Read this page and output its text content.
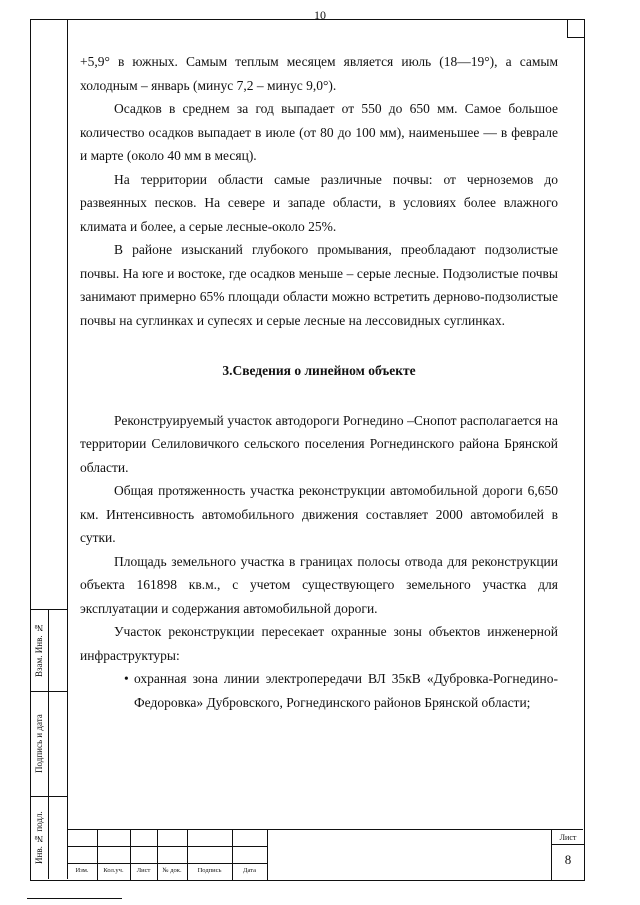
10
Взам. Инв. №
Подпись и дата
Инв. № подл.

+5,9° в южных. Самым теплым месяцем является июль (18—19°), а самым холодным – январь (минус 7,2 – минус 9,0°).

Осадков в среднем за год выпадает от 550 до 650 мм. Самое большое количество осадков выпадает в июле (от 80 до 100 мм), наименьшее — в феврале и марте (около 40 мм в месяц).

На территории области самые различные почвы: от черноземов до развеянных песков. На севере и западе области, в условиях более влажного климата и более, а серые лесные-около 25%.

В районе изысканий глубокого промывания, преобладают подзолистые почвы. На юге и востоке, где осадков меньше – серые лесные. Подзолистые почвы занимают примерно 65% площади области можно встретить дерново-подзолистые почвы на суглинках и супесях и серые лесные на лессовидных суглинках.

3.Сведения о линейном объекте

Реконструируемый участок автодороги Рогнедино –Снопот располагается на территории Селиловичкого сельского поселения Рогнединского района Брянской области.

Общая протяженность участка реконструкции автомобильной дороги 6,650 км. Интенсивность автомобильного движения составляет 2000 автомобилей в сутки.

Площадь земельного участка в границах полосы отвода для реконструкции объекта 161898 кв.м., с учетом существующего земельного участка для эксплуатации и содержания автомобильной дороги.

Участок реконструкции пересекает охранные зоны объектов инженерной инфраструктуры:

• охранная зона линии электропередачи ВЛ 35кВ «Дубровка-Рогнедино-Федоровка» Дубровского, Рогнединского районов Брянской области;

Изм.	Кол.уч.	Лист	№ док.	Подпись	Дата
Лист
8
